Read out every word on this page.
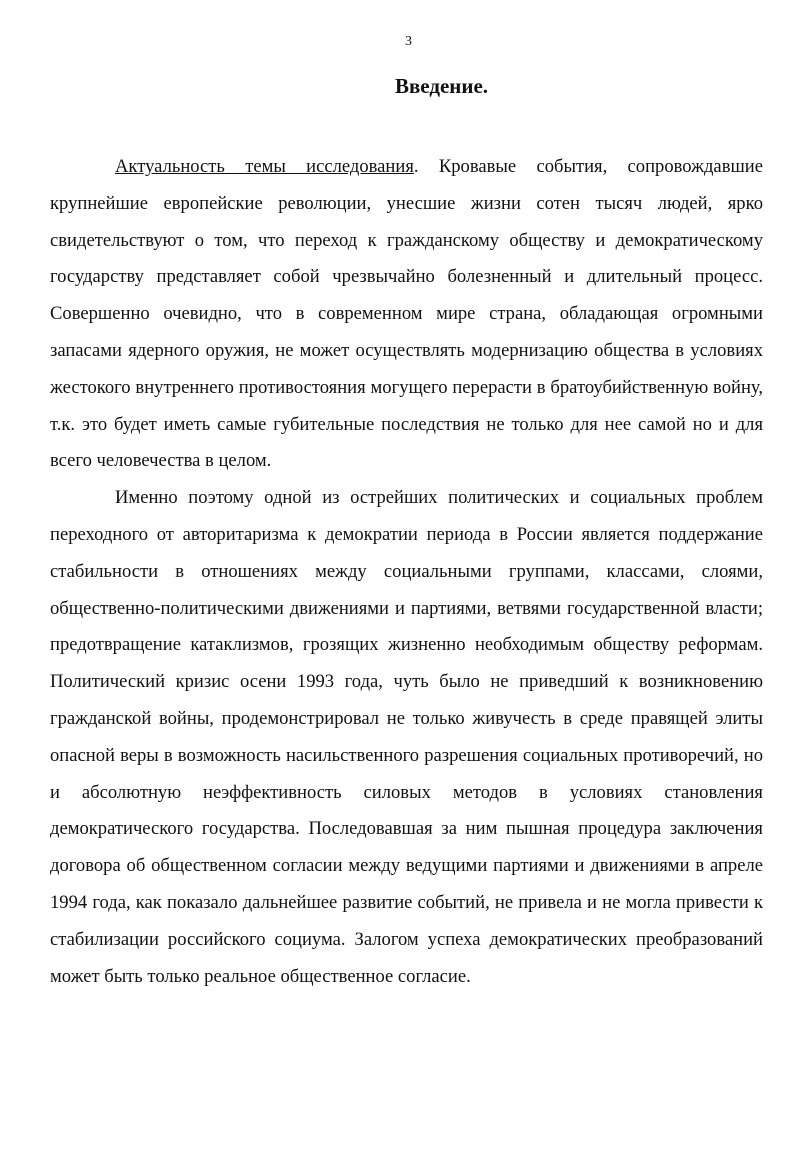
3
Введение.

Актуальность темы исследования. Кровавые события, сопровождавшие крупнейшие европейские революции, унесшие жизни сотен тысяч людей, ярко свидетельствуют о том, что переход к гражданскому обществу и демократическому государству представляет собой чрезвычайно болезненный и длительный процесс. Совершенно очевидно, что в современном мире страна, обладающая огромными запасами ядерного оружия, не может осуществлять модернизацию общества в условиях жестокого внутреннего противостояния могущего перерасти в братоубийственную войну, т.к. это будет иметь самые губительные последствия не только для нее самой но и для всего человечества в целом.

Именно поэтому одной из острейших политических и социальных проблем переходного от авторитаризма к демократии периода в России является поддержание стабильности в отношениях между социальными группами, классами, слоями, общественно-политическими движениями и партиями, ветвями государственной власти; предотвращение катаклизмов, грозящих жизненно необходимым обществу реформам. Политический кризис осени 1993 года, чуть было не приведший к возникновению гражданской войны, продемонстрировал не только живучесть в среде правящей элиты опасной веры в возможность насильственного разрешения социальных противоречий, но и абсолютную неэффективность силовых методов в условиях становления демократического государства. Последовавшая за ним пышная процедура заключения договора об общественном согласии между ведущими партиями и движениями в апреле 1994 года, как показало дальнейшее развитие событий, не привела и не могла привести к стабилизации российского социума. Залогом успеха демократических преобразований может быть только реальное общественное согласие.
